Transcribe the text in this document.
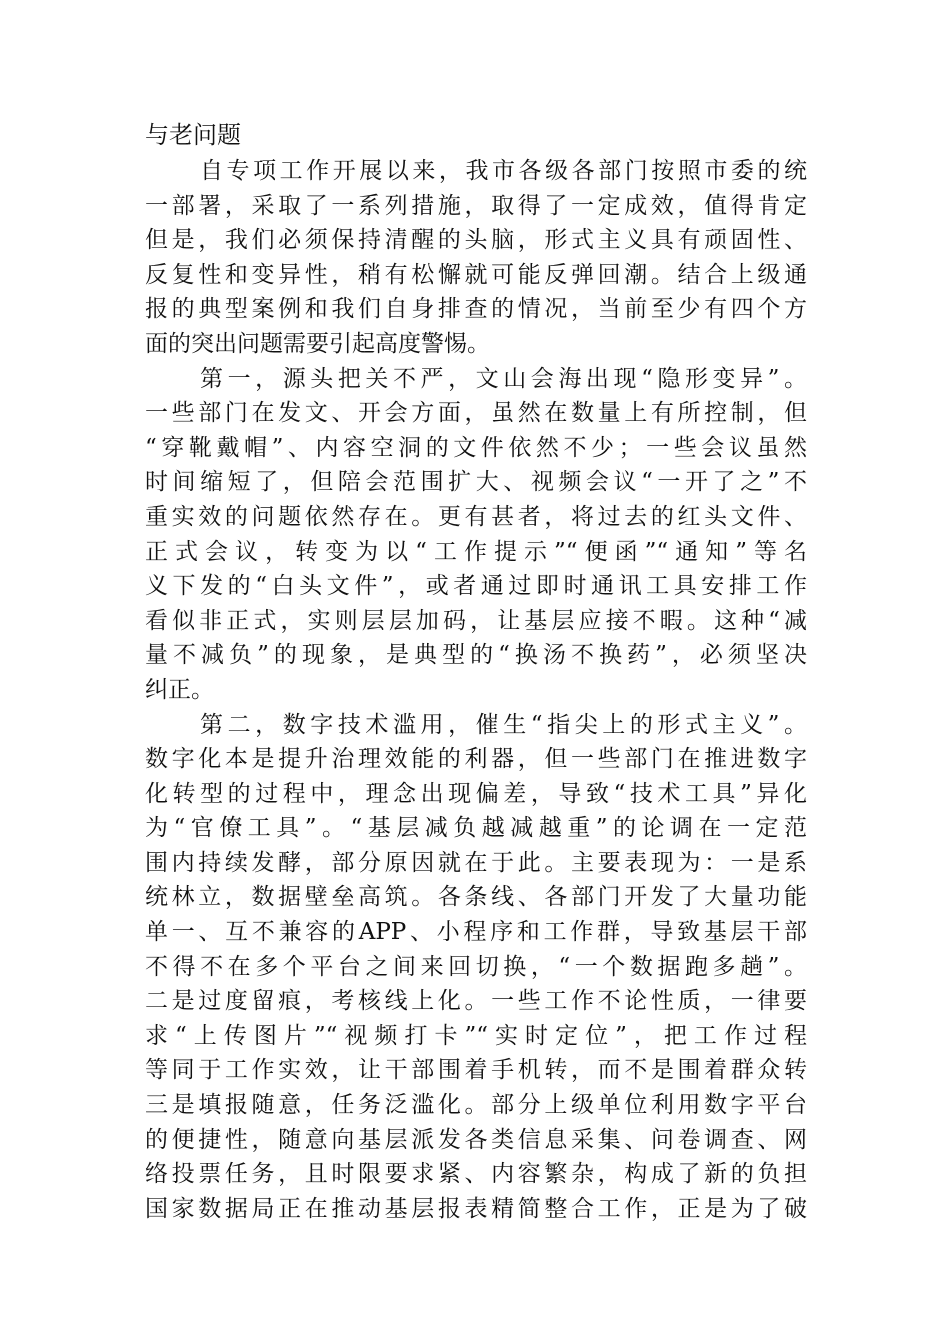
与老问题
自专项工作开展以来，我市各级各部门按照市委的统
一部署，采取了一系列措施，取得了一定成效，值得肯定
但是，我们必须保持清醒的头脑，形式主义具有顽固性、
反复性和变异性，稍有松懈就可能反弹回潮。结合上级通
报的典型案例和我们自身排查的情况，当前至少有四个方
面的突出问题需要引起高度警惕。
第一，源头把关不严，文山会海出现“隐形变异”。
一些部门在发文、开会方面，虽然在数量上有所控制，但
“穿靴戴帽”、内容空洞的文件依然不少；一些会议虽然
时间缩短了，但陪会范围扩大、视频会议“一开了之”不
重实效的问题依然存在。更有甚者，将过去的红头文件、
正式会议，转变为以“工作提示”“便函”“通知”等名
义下发的“白头文件”，或者通过即时通讯工具安排工作
看似非正式，实则层层加码，让基层应接不暇。这种“减
量不减负”的现象，是典型的“换汤不换药”，必须坚决
纠正。
第二，数字技术滥用，催生“指尖上的形式主义”。
数字化本是提升治理效能的利器，但一些部门在推进数字
化转型的过程中，理念出现偏差，导致“技术工具”异化
为“官僚工具”。“基层减负越减越重”的论调在一定范
围内持续发酵，部分原因就在于此。主要表现为：一是系
统林立，数据壁垒高筑。各条线、各部门开发了大量功能
单一、互不兼容的APP、小程序和工作群，导致基层干部
不得不在多个平台之间来回切换，“一个数据跑多趟”。
二是过度留痕，考核线上化。一些工作不论性质，一律要
求“上传图片”“视频打卡”“实时定位”，把工作过程
等同于工作实效，让干部围着手机转，而不是围着群众转
三是填报随意，任务泛滥化。部分上级单位利用数字平台
的便捷性，随意向基层派发各类信息采集、问卷调查、网
络投票任务，且时限要求紧、内容繁杂，构成了新的负担
国家数据局正在推动基层报表精简整合工作，正是为了破
